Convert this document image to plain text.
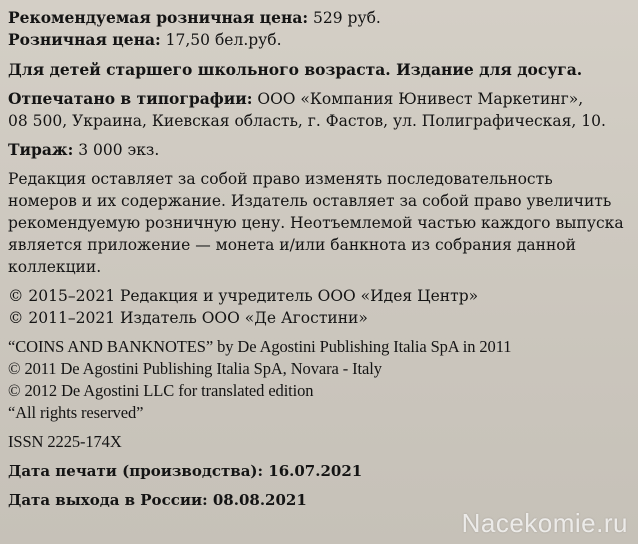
Рекомендуемая розничная цена: 529 руб.

Розничная цена: 17,50 бел.руб.

Для детей старшего школьного возраста. Издание для досуга.

Отпечатано в типографии: ООО «Компания Юнивест Маркетинг»,

08 500, Украина, Киевская область, г. Фастов, ул. Полиграфическая, 10.

Тираж: 3 000 экз.

Редакция оставляет за собой право изменять последовательность

номеров и их содержание. Издатель оставляет за собой право увеличить

рекомендуемую розничную цену. Неотъемлемой частью каждого выпуска

является приложение — монета и/или банкнота из собрания данной

коллекции.

© 2015–2021 Редакция и учредитель ООО «Идея Центр»

© 2011–2021 Издатель ООО «Де Агостини»

“COINS AND BANKNOTES” by De Agostini Publishing Italia SpA in 2011

© 2011 De Agostini Publishing Italia SpA, Novara - Italy

© 2012 De Agostini LLC for translated edition

“All rights reserved”

ISSN 2225-174X

Дата печати (производства): 16.07.2021

Дата выхода в России: 08.08.2021

Nacekomie.ru
